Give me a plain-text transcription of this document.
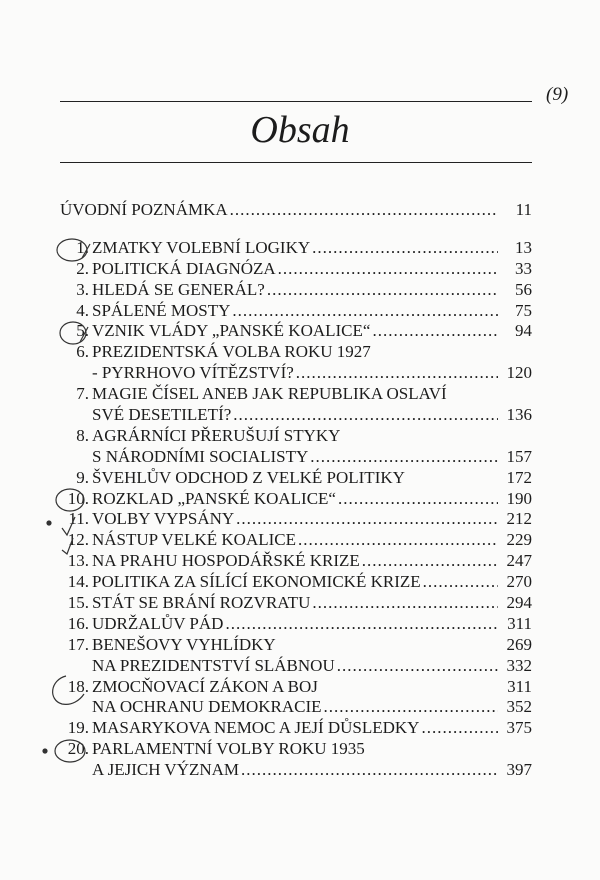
(9)
Obsah
ÚVODNÍ POZNÁMKA .....	11
1. ZMATKY VOLEBNÍ LOGIKY .....	13
2. POLITICKÁ DIAGNÓZA .....	33
3. HLEDÁ SE GENERÁL? .....	56
4. SPÁLENÉ MOSTY .....	75
5. VZNIK VLÁDY „PANSKÉ KOALICE“ .....	94
6. PREZIDENTSKÁ VOLBA ROKU 1927
- PYRRHOVO VÍTĚZSTVÍ? .....	120
7. MAGIE ČÍSEL ANEB JAK REPUBLIKA OSLAVÍ
SVÉ DESETILETÍ? .....	136
8. AGRÁRNÍCI PŘERUŠUJÍ STYKY
S NÁRODNÍMI SOCIALISTY .....	157
9. ŠVEHLŮV ODCHOD Z VELKÉ POLITIKY	172
10. ROZKLAD „PANSKÉ KOALICE“ .....	190
11. VOLBY VYPSÁNY .....	212
12. NÁSTUP VELKÉ KOALICE .....	229
13. NA PRAHU HOSPODÁŘSKÉ KRIZE .....	247
14. POLITIKA ZA SÍLÍCÍ EKONOMICKÉ KRIZE .....	270
15. STÁT SE BRÁNÍ ROZVRATU .....	294
16. UDRŽALŮV PÁD .....	311
17. BENEŠOVY VYHLÍDKY	269
NA PREZIDENTSTVÍ SLÁBNOU .....	332
18. ZMOCŇOVACÍ ZÁKON A BOJ	311
NA OCHRANU DEMOKRACIE .....	352
19. MASARYKOVA NEMOC A JEJÍ DŮSLEDKY .....	375
20. PARLAMENTNÍ VOLBY ROKU 1935
A JEJICH VÝZNAM .....	397
